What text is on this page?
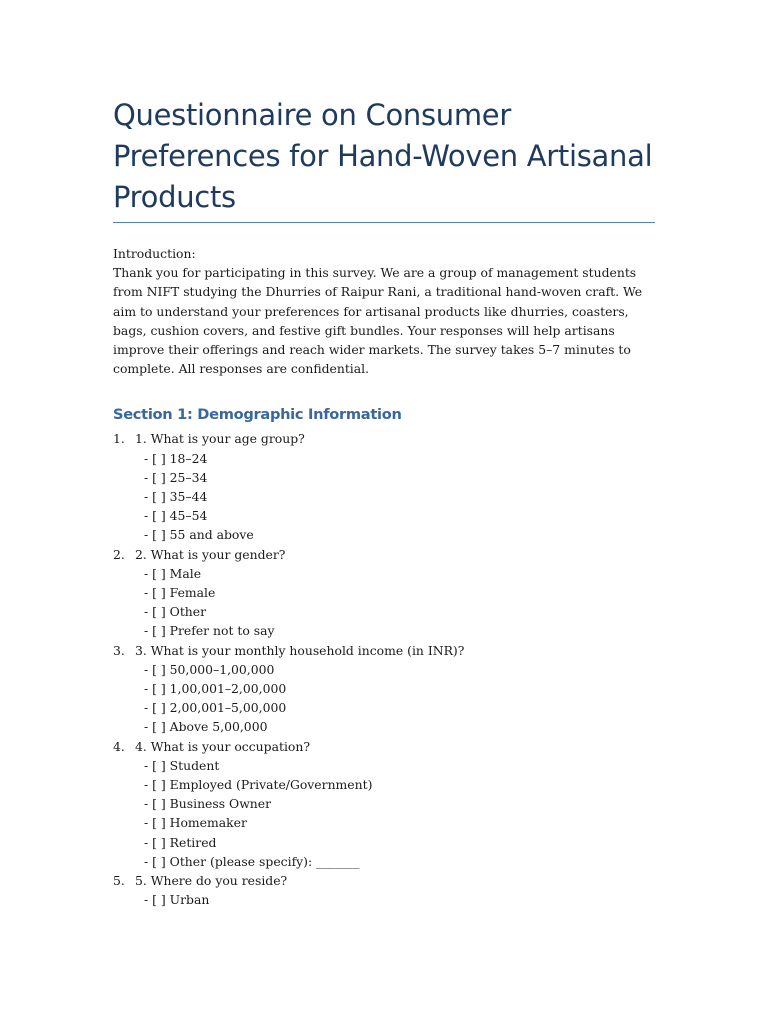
Questionnaire on Consumer Preferences for Hand-Woven Artisanal Products

Introduction:

Thank you for participating in this survey. We are a group of management students from NIFT studying the Dhurries of Raipur Rani, a traditional hand-woven craft. We aim to understand your preferences for artisanal products like dhurries, coasters, bags, cushion covers, and festive gift bundles. Your responses will help artisans improve their offerings and reach wider markets. The survey takes 5–7 minutes to complete. All responses are confidential.

Section 1: Demographic Information
1. 1. What is your age group?
- [ ] 18–24
- [ ] 25–34
- [ ] 35–44
- [ ] 45–54
- [ ] 55 and above
2. 2. What is your gender?
- [ ] Male
- [ ] Female
- [ ] Other
- [ ] Prefer not to say
3. 3. What is your monthly household income (in INR)?
- [ ] 50,000–1,00,000
- [ ] 1,00,001–2,00,000
- [ ] 2,00,001–5,00,000
- [ ] Above 5,00,000
4. 4. What is your occupation?
- [ ] Student
- [ ] Employed (Private/Government)
- [ ] Business Owner
- [ ] Homemaker
- [ ] Retired
- [ ] Other (please specify): _______
5. 5. Where do you reside?
- [ ] Urban
